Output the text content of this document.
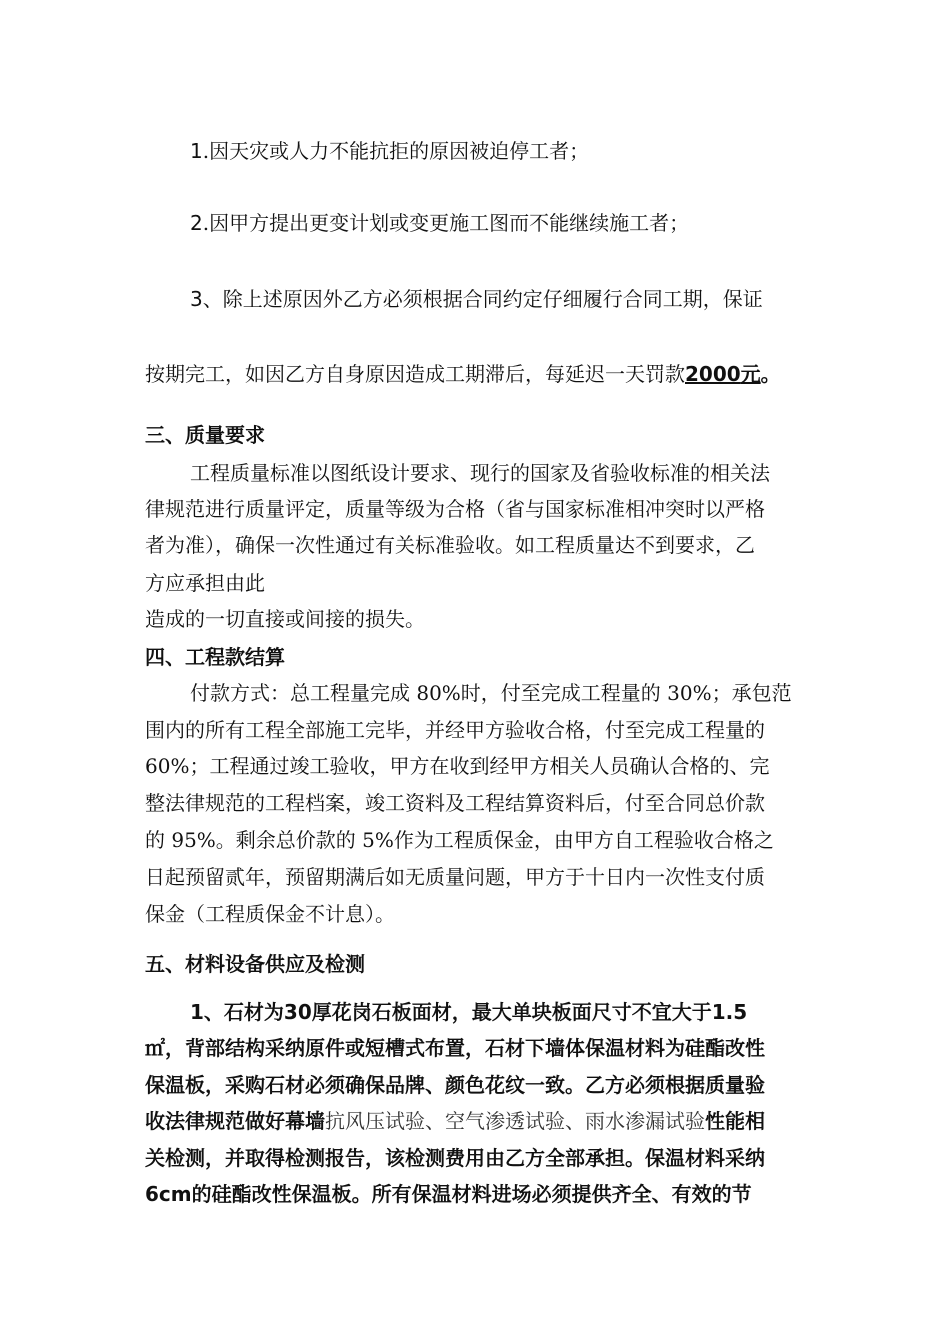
1.因天灾或人力不能抗拒的原因被迫停工者；
2.因甲方提出更变计划或变更施工图而不能继续施工者；
3、除上述原因外乙方必须根据合同约定仔细履行合同工期，保证
按期完工，如因乙方自身原因造成工期滞后，每延迟一天罚款2000元。
三、质量要求
工程质量标准以图纸设计要求、现行的国家及省验收标准的相关法
律规范进行质量评定，质量等级为合格（省与国家标准相冲突时以严格
者为准），确保一次性通过有关标准验收。如工程质量达不到要求，乙
方应承担由此
造成的一切直接或间接的损失。
四、工程款结算
付款方式：总工程量完成 80%时，付至完成工程量的 30%；承包范
围内的所有工程全部施工完毕，并经甲方验收合格，付至完成工程量的
60%；工程通过竣工验收，甲方在收到经甲方相关人员确认合格的、完
整法律规范的工程档案，竣工资料及工程结算资料后，付至合同总价款
的 95%。剩余总价款的 5%作为工程质保金，由甲方自工程验收合格之
日起预留贰年，预留期满后如无质量问题，甲方于十日内一次性支付质
保金（工程质保金不计息）。
五、材料设备供应及检测
1、石材为30厚花岗石板面材，最大单块板面尺寸不宜大于1.5
㎡，背部结构采纳原件或短槽式布置，石材下墙体保温材料为硅酯改性
保温板，采购石材必须确保品牌、颜色花纹一致。乙方必须根据质量验
收法律规范做好幕墙抗风压试验、空气渗透试验、雨水渗漏试验性能相
关检测，并取得检测报告，该检测费用由乙方全部承担。保温材料采纳
6cm的硅酯改性保温板。所有保温材料进场必须提供齐全、有效的节
